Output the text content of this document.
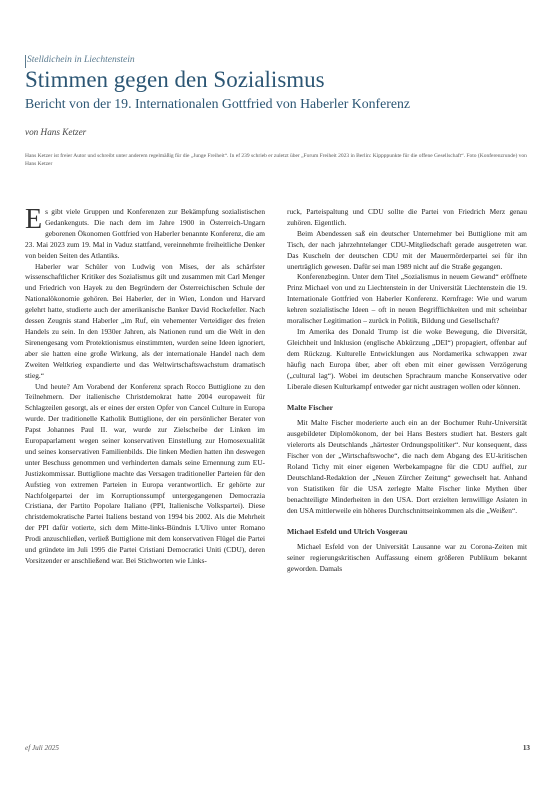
Stelldichein in Liechtenstein
Stimmen gegen den Sozialismus
Bericht von der 19. Internationalen Gottfried von Haberler Konferenz
von Hans Ketzer
Hans Ketzer ist freier Autor und schreibt unter anderem regelmäßig für die „Junge Freiheit“. In ef 239 schrieb er zuletzt über „Forum Freiheit 2023 in Berlin: Kippppunkte für die offene Gesellschaft“. Foto (Konferenzrunde) von Hans Ketzer

Es gibt viele Gruppen und Konferenzen zur Bekämpfung sozialistischen Gedankenguts. Die nach dem im Jahre 1900 in Österreich-Ungarn geborenen Ökonomen Gottfried von Haberler benannte Konferenz, die am 23. Mai 2023 zum 19. Mal in Vaduz stattfand, vereinnehmte freiheitliche Denker von beiden Seiten des Atlantiks.

Haberler war Schüler von Ludwig von Mises, der als schärfster wissenschaftlicher Kritiker des Sozialismus gilt und zusammen mit Carl Menger und Friedrich von Hayek zu den Begründern der Österreichischen Schule der Nationalökonomie gehören. Bei Haberler, der in Wien, London und Harvard gelehrt hatte, studierte auch der amerikanische Banker David Rockefeller. Nach dessen Zeugnis stand Haberler „im Ruf, ein vehementer Verteidiger des freien Handels zu sein. In den 1930er Jahren, als Nationen rund um die Welt in den Sirenengesang vom Protektionismus einstimmten, wurden seine Ideen ignoriert, aber sie hatten eine große Wirkung, als der internationale Handel nach dem Zweiten Weltkrieg expandierte und das Weltwirtschaftswachstum dramatisch stieg.“

Und heute? Am Vorabend der Konferenz sprach Rocco Buttiglione zu den Teilnehmern. Der italienische Christdemokrat hatte 2004 europaweit für Schlagzeilen gesorgt, als er eines der ersten Opfer von Cancel Culture in Europa wurde. Der traditionelle Katholik Buttiglione, der ein persönlicher Berater von Papst Johannes Paul II. war, wurde zur Zielscheibe der Linken im Europaparlament wegen seiner konservativen Einstellung zur Homosexualität und seines konservativen Familienbilds. Die linken Medien hatten ihn deswegen unter Beschuss genommen und verhinderten damals seine Ernennung zum EU-Justizkommissar. Buttiglione machte das Versagen traditioneller Parteien für den Aufstieg von extremen Parteien in Europa verantwortlich. Er gehörte zur Nachfolgepartei der im Korruptionssumpf untergegangenen Democrazia Cristiana, der Partito Popolare Italiano (PPI, Italienische Volkspartei). Diese christdemokratische Partei Italiens bestand von 1994 bis 2002. Als die Mehrheit der PPI dafür votierte, sich dem Mitte-links-Bündnis L'Ulivo unter Romano Prodi anzuschließen, verließ Buttiglione mit dem konservativen Flügel die Partei und gründete im Juli 1995 die Partei Cristiani Democratici Uniti (CDU), deren Vorsitzender er anschließend war. Bei Stichworten wie Links-

ruck, Parteispaltung und CDU sollte die Partei von Friedrich Merz genau zuhören. Eigentlich.

Beim Abendessen saß ein deutscher Unternehmer bei Buttiglione mit am Tisch, der nach jahrzehntelanger CDU-Mitgliedschaft gerade ausgetreten war. Das Kuscheln der deutschen CDU mit der Mauermörderpartei sei für ihn unerträglich gewesen. Dafür sei man 1989 nicht auf die Straße gegangen.

Konferenzbeginn. Unter dem Titel „Sozialismus in neuem Gewand“ eröffnete Prinz Michael von und zu Liechtenstein in der Universität Liechtenstein die 19. Internationale Gottfried von Haberler Konferenz. Kernfrage: Wie und warum kehren sozialistische Ideen – oft in neuen Begrifflichkeiten und mit scheinbar moralischer Legitimation – zurück in Politik, Bildung und Gesellschaft?

Im Amerika des Donald Trump ist die woke Bewegung, die Diversität, Gleichheit und Inklusion (englische Abkürzung „DEI“) propagiert, offenbar auf dem Rückzug. Kulturelle Entwicklungen aus Nordamerika schwappen zwar häufig nach Europa über, aber oft eben mit einer gewissen Verzögerung („cultural lag“). Wobei im deutschen Sprachraum manche Konservative oder Liberale diesen Kulturkampf entweder gar nicht austragen wollen oder können.

Malte Fischer

Mit Malte Fischer moderierte auch ein an der Bochumer Ruhr-Universität ausgebildeter Diplomökonom, der bei Hans Besters studiert hat. Besters galt vielerorts als Deutschlands „härtester Ordnungspolitiker“. Nur konsequent, dass Fischer von der „Wirtschaftswoche“, die nach dem Abgang des EU-kritischen Roland Tichy mit einer eigenen Werbekampagne für die CDU auffiel, zur Deutschland-Redaktion der „Neuen Zürcher Zeitung“ gewechselt hat. Anhand von Statistiken für die USA zerlegte Malte Fischer linke Mythen über benachteiligte Minderheiten in den USA. Dort erzielten lernwillige Asiaten in den USA mittlerweile ein höheres Durchschnittseinkommen als die „Weißen“.

Michael Esfeld und Ulrich Vosgerau

Michael Esfeld von der Universität Lausanne war zu Corona-Zeiten mit seiner regierungskritischen Auffassung einem größeren Publikum bekannt geworden. Damals

ef Juli 2025	13
